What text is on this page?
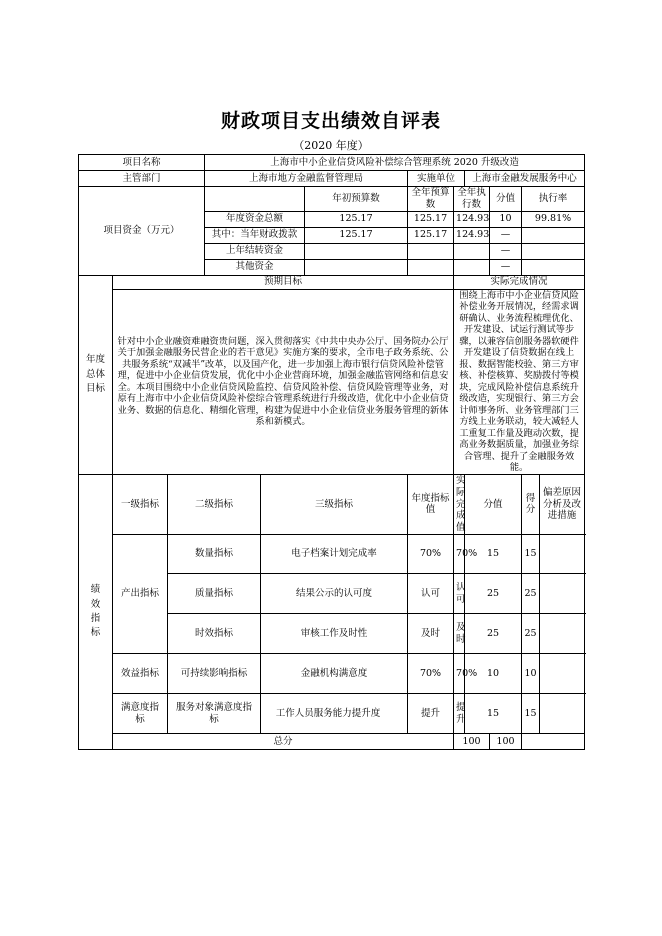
财政项目支出绩效自评表
（2020 年度）
项目名称			上海市中小企业信贷风险补偿综合管理系统 2020 升级改造									
主管部门			上海市地方金融监督管理局			实施单位		上海市金融发展服务中心				
项目资金（万元）					年初预算数	全年预算数	全年执行数		分值	执行率	
			年度资金总额		125.17	125.17	124.93		10	99.81%	
			其中：当年财政拨款		125.17	125.17	124.93		—		
			上年结转资金						—		
			其他资金						—		
年度总体目标	预期目标						实际完成情况					
	针对中小企业融资难融资贵问题，深入贯彻落实《中共中央办公厅、国务院办公厅关于加强金融服务民营企业的若干意见》实施方案的要求，全市电子政务系统、公共服务系统“双减半”改革，以及国产化，进一步加强上海市银行信贷风险补偿管理，促进中小企业信贷发展，优化中小企业营商环境，加强金融监管网络和信息安全。本项目围绕中小企业信贷风险监控、信贷风险补偿、信贷风险管理等业务，对原有上海市中小企业信贷风险补偿综合管理系统进行升级改造，优化中小企业信贷业务、数据的信息化、精细化管理，构建为促进中小企业信贷业务服务管理的新体系和新模式。						围绕上海市中小企业信贷风险补偿业务开展情况，经需求调研确认、业务流程梳理优化、开发建设、试运行测试等步骤，以兼容信创服务器软硬件开发建设了信贷数据在线上报、数据智能校验、第三方审核、补偿核算、奖励拨付等模块，完成风险补偿信息系统升级改造，实现银行、第三方会计师事务所、业务管理部门三方线上业务联动，较大减轻人工重复工作量及跑动次数，提高业务数据质量，加强业务综合管理、提升了金融服务效能。					
绩效指标	一级指标	二级指标		三级指标		年度指标值	实际完成值	分值		得分	偏差原因分析及改进措施	
	产出指标	数量指标		电子档案计划完成率		70%	70%	15		15		
		质量指标		结果公示的认可度		认可	认可	25		25		
		时效指标		审核工作及时性		及时	及时	25		25		
	效益指标	可持续影响指标		金融机构满意度		70%	70%	10		10		
	满意度指标	服务对象满意度指标		工作人员服务能力提升度		提升	提升	15		15		
	总分						100		100			
